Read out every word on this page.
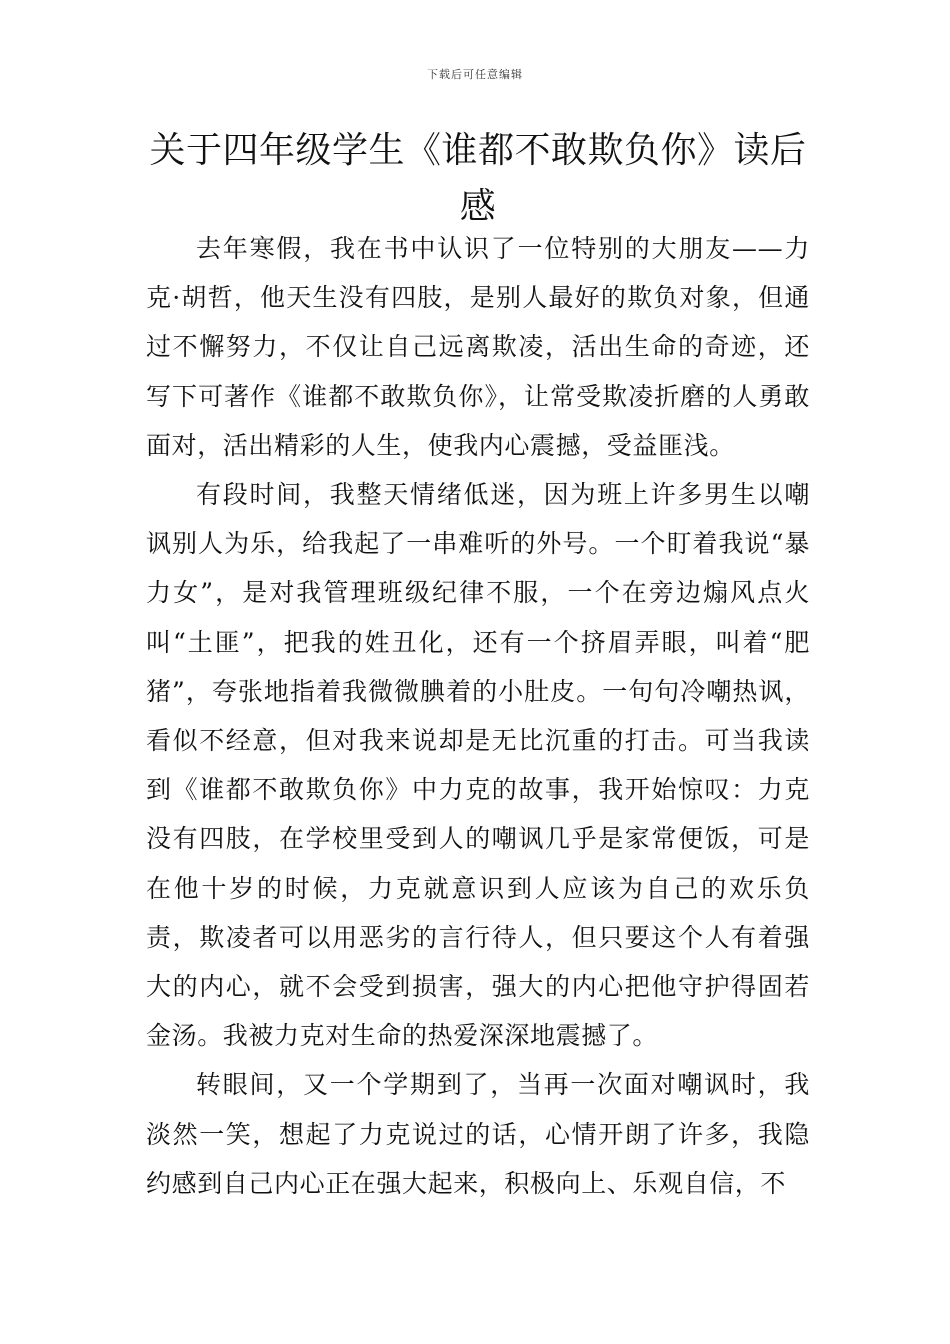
下载后可任意编辑
关于四年级学生《谁都不敢欺负你》读后感

去年寒假，我在书中认识了一位特别的大朋友——力克·胡哲，他天生没有四肢，是别人最好的欺负对象，但通过不懈努力，不仅让自己远离欺凌，活出生命的奇迹，还写下可著作《谁都不敢欺负你》，让常受欺凌折磨的人勇敢面对，活出精彩的人生，使我内心震撼，受益匪浅。

有段时间，我整天情绪低迷，因为班上许多男生以嘲讽别人为乐，给我起了一串难听的外号。一个盯着我说“暴力女”，是对我管理班级纪律不服，一个在旁边煽风点火叫“土匪”，把我的姓丑化，还有一个挤眉弄眼，叫着“肥猪”，夸张地指着我微微腆着的小肚皮。一句句冷嘲热讽，看似不经意，但对我来说却是无比沉重的打击。可当我读到《谁都不敢欺负你》中力克的故事，我开始惊叹：力克没有四肢，在学校里受到人的嘲讽几乎是家常便饭，可是在他十岁的时候，力克就意识到人应该为自己的欢乐负责，欺凌者可以用恶劣的言行待人，但只要这个人有着强大的内心，就不会受到损害，强大的内心把他守护得固若金汤。我被力克对生命的热爱深深地震撼了。

转眼间，又一个学期到了，当再一次面对嘲讽时，我淡然一笑，想起了力克说过的话，心情开朗了许多，我隐约感到自己内心正在强大起来，积极向上、乐观自信，不
